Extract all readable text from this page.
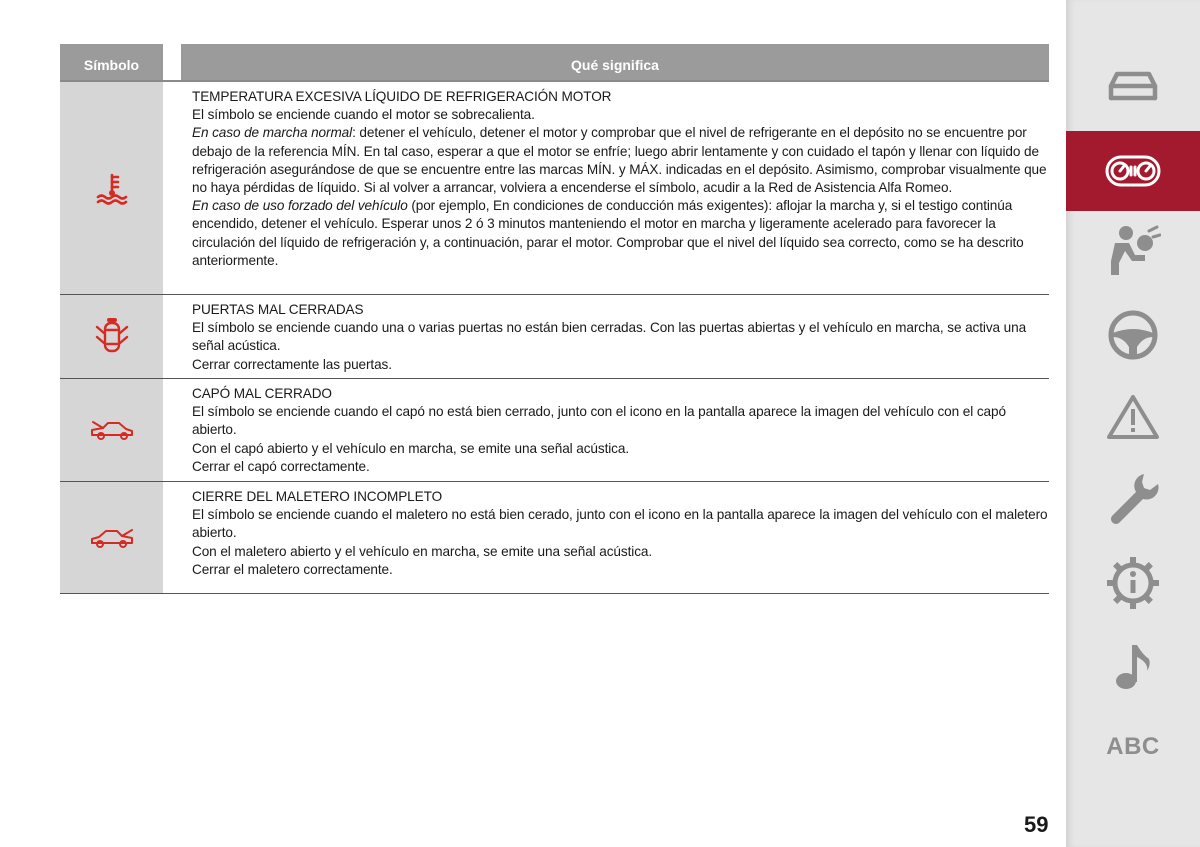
Símbolo	Qué significa
TEMPERATURA EXCESIVA LÍQUIDO DE REFRIGERACIÓN MOTOR

El símbolo se enciende cuando el motor se sobrecalienta.

En caso de marcha normal: detener el vehículo, detener el motor y comprobar que el nivel de refrigerante en el depósito no se encuentre por debajo de la referencia MÍN. En tal caso, esperar a que el motor se enfríe; luego abrir lentamente y con cuidado el tapón y llenar con líquido de refrigeración asegurándose de que se encuentre entre las marcas MÍN. y MÁX. indicadas en el depósito. Asimismo, comprobar visualmente que no haya pérdidas de líquido. Si al volver a arrancar, volviera a encenderse el símbolo, acudir a la Red de Asistencia Alfa Romeo.

En caso de uso forzado del vehículo (por ejemplo, En condiciones de conducción más exigentes): aflojar la marcha y, si el testigo continúa encendido, detener el vehículo. Esperar unos 2 ó 3 minutos manteniendo el motor en marcha y ligeramente acelerado para favorecer la circulación del líquido de refrigeración y, a continuación, parar el motor. Comprobar que el nivel del líquido sea correcto, como se ha descrito anteriormente.

PUERTAS MAL CERRADAS

El símbolo se enciende cuando una o varias puertas no están bien cerradas. Con las puertas abiertas y el vehículo en marcha, se activa una señal acústica.

Cerrar correctamente las puertas.

CAPÓ MAL CERRADO

El símbolo se enciende cuando el capó no está bien cerrado, junto con el icono en la pantalla aparece la imagen del vehículo con el capó abierto.

Con el capó abierto y el vehículo en marcha, se emite una señal acústica.

Cerrar el capó correctamente.

CIERRE DEL MALETERO INCOMPLETO

El símbolo se enciende cuando el maletero no está bien cerado, junto con el icono en la pantalla aparece la imagen del vehículo con el maletero abierto.

Con el maletero abierto y el vehículo en marcha, se emite una señal acústica.

Cerrar el maletero correctamente.

ABC
59
